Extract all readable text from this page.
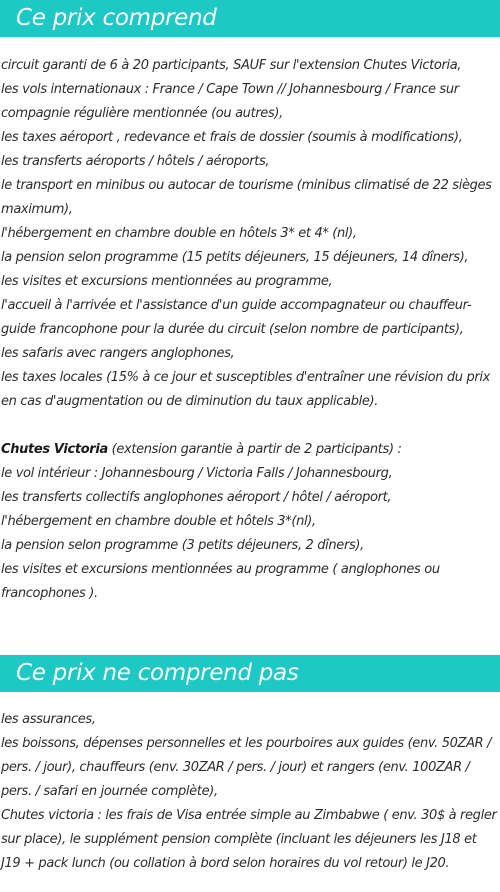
Ce prix comprend
circuit garanti de 6 à 20 participants, SAUF sur l'extension Chutes Victoria,
les vols internationaux : France / Cape Town // Johannesbourg / France sur
compagnie régulière mentionnée (ou autres),
les taxes aéroport , redevance et frais de dossier (soumis à modifications),
les transferts aéroports / hôtels / aéroports,
le transport en minibus ou autocar de tourisme (minibus climatisé de 22 sièges
maximum),
l'hébergement en chambre double en hôtels 3* et 4* (nl),
la pension selon programme (15 petits déjeuners, 15 déjeuners, 14 dîners),
les visites et excursions mentionnées au programme,
l'accueil à l'arrivée et l'assistance d'un guide accompagnateur ou chauffeur-
guide francophone pour la durée du circuit (selon nombre de participants),
les safaris avec rangers anglophones,
les taxes locales (15% à ce jour et susceptibles d'entraîner une révision du prix
en cas d'augmentation ou de diminution du taux applicable).
Chutes Victoria (extension garantie à partir de 2 participants) :
le vol intérieur : Johannesbourg / Victoria Falls / Johannesbourg,
les transferts collectifs anglophones aéroport / hôtel / aéroport,
l'hébergement en chambre double et hôtels 3*(nl),
la pension selon programme (3 petits déjeuners, 2 dîners),
les visites et excursions mentionnées au programme ( anglophones ou
francophones ).
Ce prix ne comprend pas
les assurances,
les boissons, dépenses personnelles et les pourboires aux guides (env. 50ZAR /
pers. / jour), chauffeurs (env. 30ZAR / pers. / jour) et rangers (env. 100ZAR /
pers. / safari en journée complète),
Chutes victoria : les frais de Visa entrée simple au Zimbabwe ( env. 30$ à regler
sur place), le supplément pension complète (incluant les déjeuners les J18 et
J19 + pack lunch (ou collation à bord selon horaires du vol retour) le J20.
